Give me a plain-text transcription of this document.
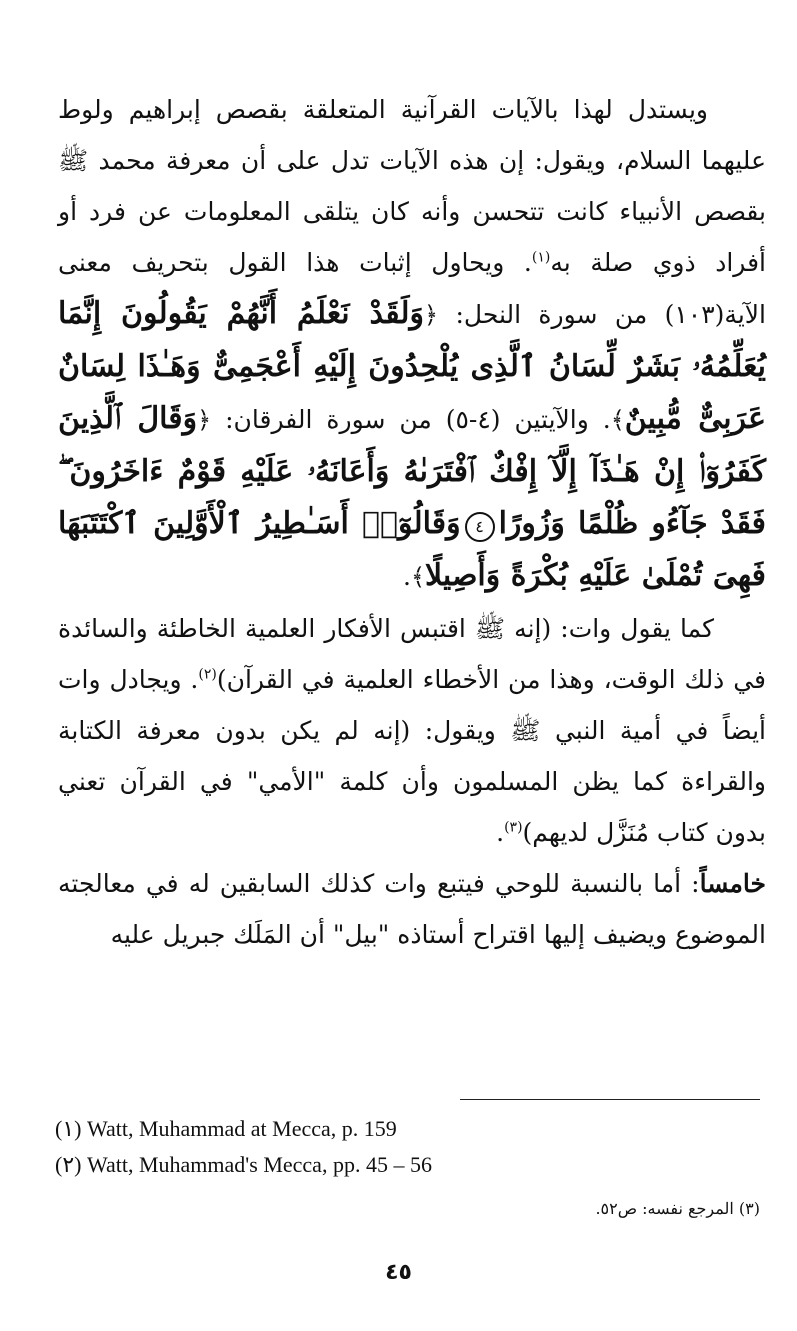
ويستدل لهذا بالآيات القرآنية المتعلقة بقصص إبراهيم ولوط عليهما السلام، ويقول: إن هذه الآيات تدل على أن معرفة محمد ﷺ بقصص الأنبياء كانت تتحسن وأنه كان يتلقى المعلومات عن فرد أو أفراد ذوي صلة به$^{(١)}$. ويحاول إثبات هذا القول بتحريف معنى الآية(١٠٣) من سورة النحل: ﴿وَلَقَدْ نَعْلَمُ أَنَّهُمْ يَقُولُونَ إِنَّمَا يُعَلِّمُهُۥ بَشَرٌ لِّسَانُ ٱلَّذِى يُلْحِدُونَ إِلَيْهِ أَعْجَمِىٌّ وَهَـٰذَا لِسَانٌ عَرَبِىٌّ مُّبِينٌ﴾. والآيتين (٤-٥) من سورة الفرقان: ﴿وَقَالَ ٱلَّذِينَ كَفَرُوٓا۟ إِنْ هَـٰذَآ إِلَّآ إِفْكٌ ٱفْتَرَىٰهُ وَأَعَانَهُۥ عَلَيْهِ قَوْمٌ ءَاخَرُونَ ۖ فَقَدْ جَآءُو ظُلْمًا وَزُورًا٤وَقَالُوٓا۟ أَسَـٰطِيرُ ٱلْأَوَّلِينَ ٱكْتَتَبَهَا فَهِىَ تُمْلَىٰ عَلَيْهِ بُكْرَةً وَأَصِيلًا﴾.

كما يقول وات: (إنه ﷺ اقتبس الأفكار العلمية الخاطئة والسائدة في ذلك الوقت، وهذا من الأخطاء العلمية في القرآن)$^{(٢)}$. ويجادل وات أيضاً في أمية النبي ﷺ ويقول: (إنه لم يكن بدون معرفة الكتابة والقراءة كما يظن المسلمون وأن كلمة "الأمي" في القرآن تعني بدون كتاب مُنَزَّل لديهم)$^{(٣)}$.

خامساً: أما بالنسبة للوحي فيتبع وات كذلك السابقين له في معالجته الموضوع ويضيف إليها اقتراح أستاذه "بيل" أن المَلَك جبريل عليه

(١) Watt, Muhammad at Mecca, p. 159
(٢) Watt, Muhammad's Mecca, pp. 45 – 56
(٣) المرجع نفسه: ص٥٢.
٤٥
